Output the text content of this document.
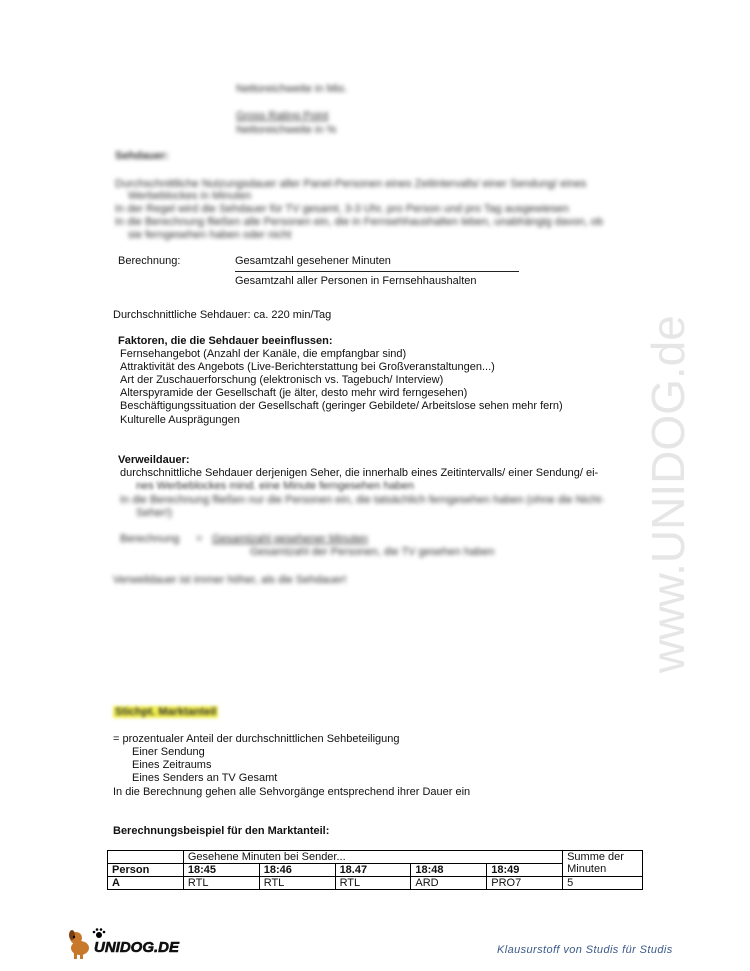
Nettoreichweite in Mio.
Gross Rating Point
Nettoreichweite in %
Sehdauer:
Durchschnittliche Nutzungsdauer aller Panel-Personen eines Zeitintervalls/ einer Sendung/ eines
Werbeblockes in Minuten
In der Regel wird die Sehdauer für TV gesamt, 3-3 Uhr, pro Person und pro Tag ausgewiesen
In die Berechnung fließen alle Personen ein, die in Fernsehhaushalten leben, unabhängig davon, ob
sie ferngesehen haben oder nicht
Berechnung:	Gesamtzahl gesehener Minuten
Gesamtzahl aller Personen in Fernsehhaushalten
Durchschnittliche Sehdauer: ca. 220 min/Tag
Faktoren, die die Sehdauer beeinflussen:
Fernsehangebot (Anzahl der Kanäle, die empfangbar sind)
Attraktivität des Angebots (Live-Berichterstattung bei Großveranstaltungen...)
Art der Zuschauerforschung (elektronisch vs. Tagebuch/ Interview)
Alterspyramide der Gesellschaft (je älter, desto mehr wird ferngesehen)
Beschäftigungssituation der Gesellschaft (geringer Gebildete/ Arbeitslose sehen mehr fern)
Kulturelle Ausprägungen
Verweildauer:
durchschnittliche Sehdauer derjenigen Seher, die innerhalb eines Zeitintervalls/ einer Sendung/ ei-
nes Werbeblockes mind. eine Minute ferngesehen haben
In die Berechnung fließen nur die Personen ein, die tatsächlich ferngesehen haben (ohne die Nicht-
Seher!)
Berechnung = Gesamtzahl gesehener Minuten
Gesamtzahl der Personen, die TV gesehen haben
Verweildauer ist immer höher, als die Sehdauer!
Stichpt. Marktanteil
= prozentualer Anteil der durchschnittlichen Sehbeteiligung
Einer Sendung
Eines Zeitraums
Eines Senders an TV Gesamt
In die Berechnung gehen alle Sehvorgänge entsprechend ihrer Dauer ein
Berechnungsbeispiel für den Marktanteil:
	Gesehene Minuten bei Sender...					Summe der Minuten
Person	18:45	18:46	18.47	18:48	18:49	
A	RTL	RTL	RTL	ARD	PRO7	5
www.UNIDOG.de
UNIDOG.DE	Klausurstoff von Studis für Studis
